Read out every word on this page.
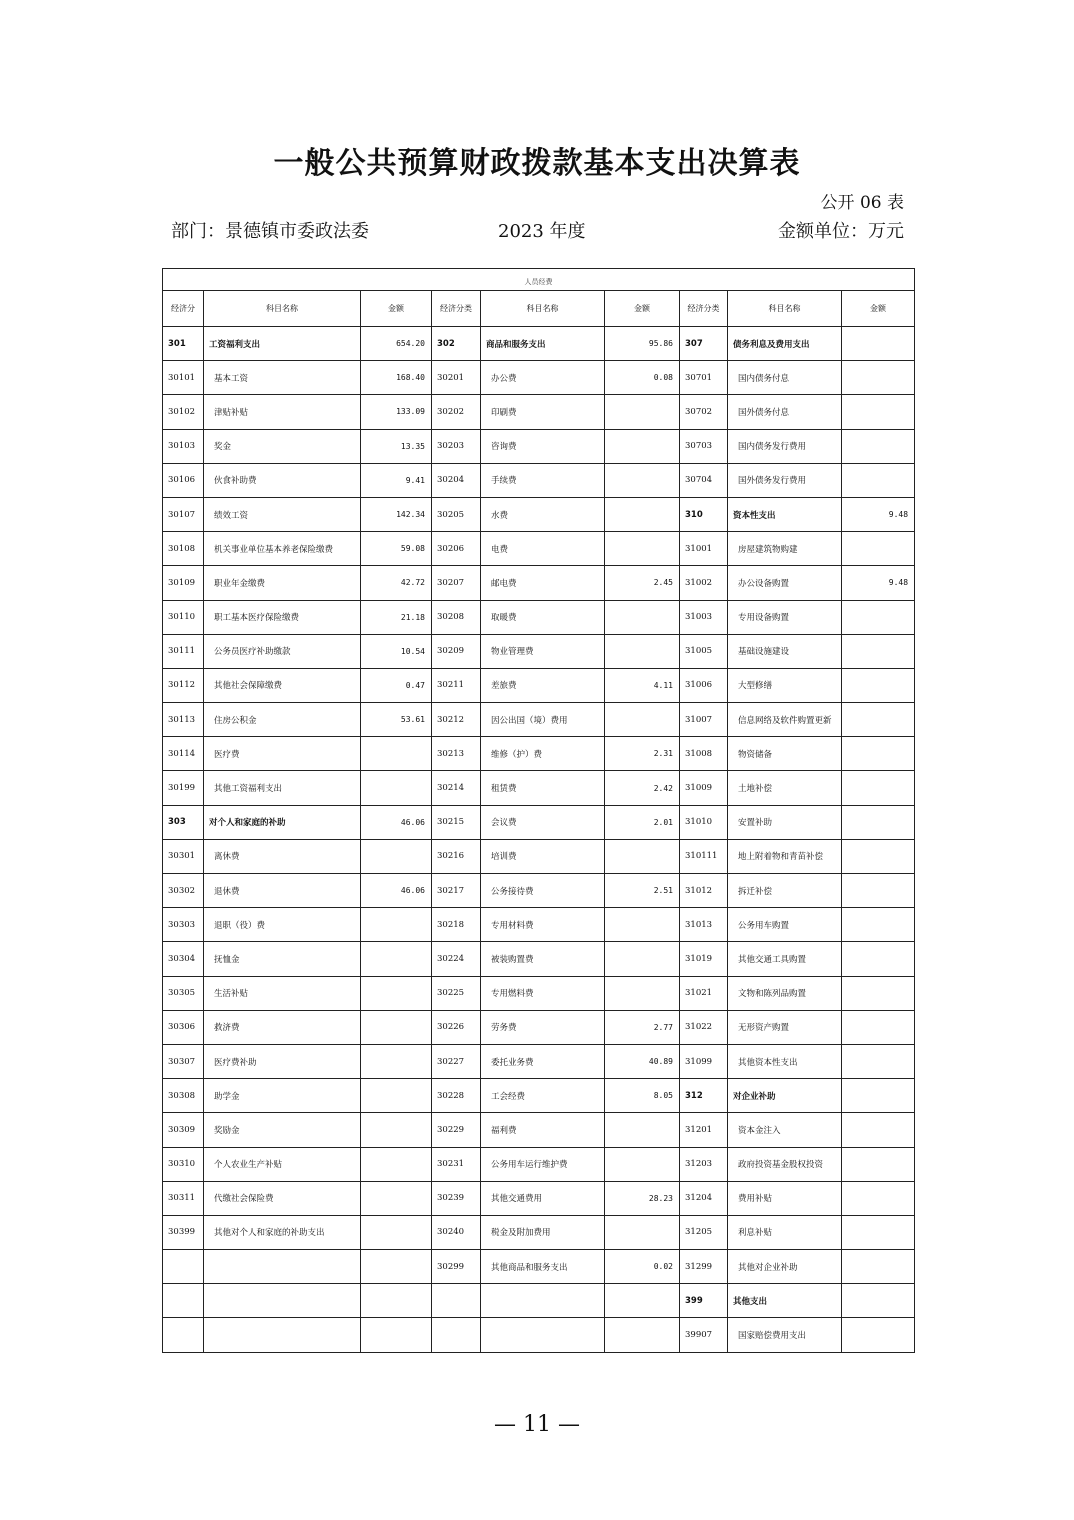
一般公共预算财政拨款基本支出决算表
公开 06 表
部门：景德镇市委政法委	2023 年度	金额单位：万元
人员经费								
经济分	科目名称	金额	经济分类	科目名称	金额	经济分类	科目名称	金额
301	工资福利支出	654.20	302	商品和服务支出	95.86	307	债务利息及费用支出	
30101	基本工资	168.40	30201	办公费	0.08	30701	国内债务付息	
30102	津贴补贴	133.09	30202	印刷费		30702	国外债务付息	
30103	奖金	13.35	30203	咨询费		30703	国内债务发行费用	
30106	伙食补助费	9.41	30204	手续费		30704	国外债务发行费用	
30107	绩效工资	142.34	30205	水费		310	资本性支出	9.48
30108	机关事业单位基本养老保险缴费	59.08	30206	电费		31001	房屋建筑物购建	
30109	职业年金缴费	42.72	30207	邮电费	2.45	31002	办公设备购置	9.48
30110	职工基本医疗保险缴费	21.18	30208	取暖费		31003	专用设备购置	
30111	公务员医疗补助缴款	10.54	30209	物业管理费		31005	基础设施建设	
30112	其他社会保障缴费	0.47	30211	差旅费	4.11	31006	大型修缮	
30113	住房公积金	53.61	30212	因公出国（境）费用		31007	信息网络及软件购置更新	
30114	医疗费		30213	维修（护）费	2.31	31008	物资储备	
30199	其他工资福利支出		30214	租赁费	2.42	31009	土地补偿	
303	对个人和家庭的补助	46.06	30215	会议费	2.01	31010	安置补助	
30301	离休费		30216	培训费		310111	地上附着物和青苗补偿	
30302	退休费	46.06	30217	公务接待费	2.51	31012	拆迁补偿	
30303	退职（役）费		30218	专用材料费		31013	公务用车购置	
30304	抚恤金		30224	被装购置费		31019	其他交通工具购置	
30305	生活补贴		30225	专用燃料费		31021	文物和陈列品购置	
30306	救济费		30226	劳务费	2.77	31022	无形资产购置	
30307	医疗费补助		30227	委托业务费	40.89	31099	其他资本性支出	
30308	助学金		30228	工会经费	8.05	312	对企业补助	
30309	奖励金		30229	福利费		31201	资本金注入	
30310	个人农业生产补贴		30231	公务用车运行维护费		31203	政府投资基金股权投资	
30311	代缴社会保险费		30239	其他交通费用	28.23	31204	费用补贴	
30399	其他对个人和家庭的补助支出		30240	税金及附加费用		31205	利息补贴	
			30299	其他商品和服务支出	0.02	31299	其他对企业补助	
						399	其他支出	
						39907	国家赔偿费用支出	
— 11 —
